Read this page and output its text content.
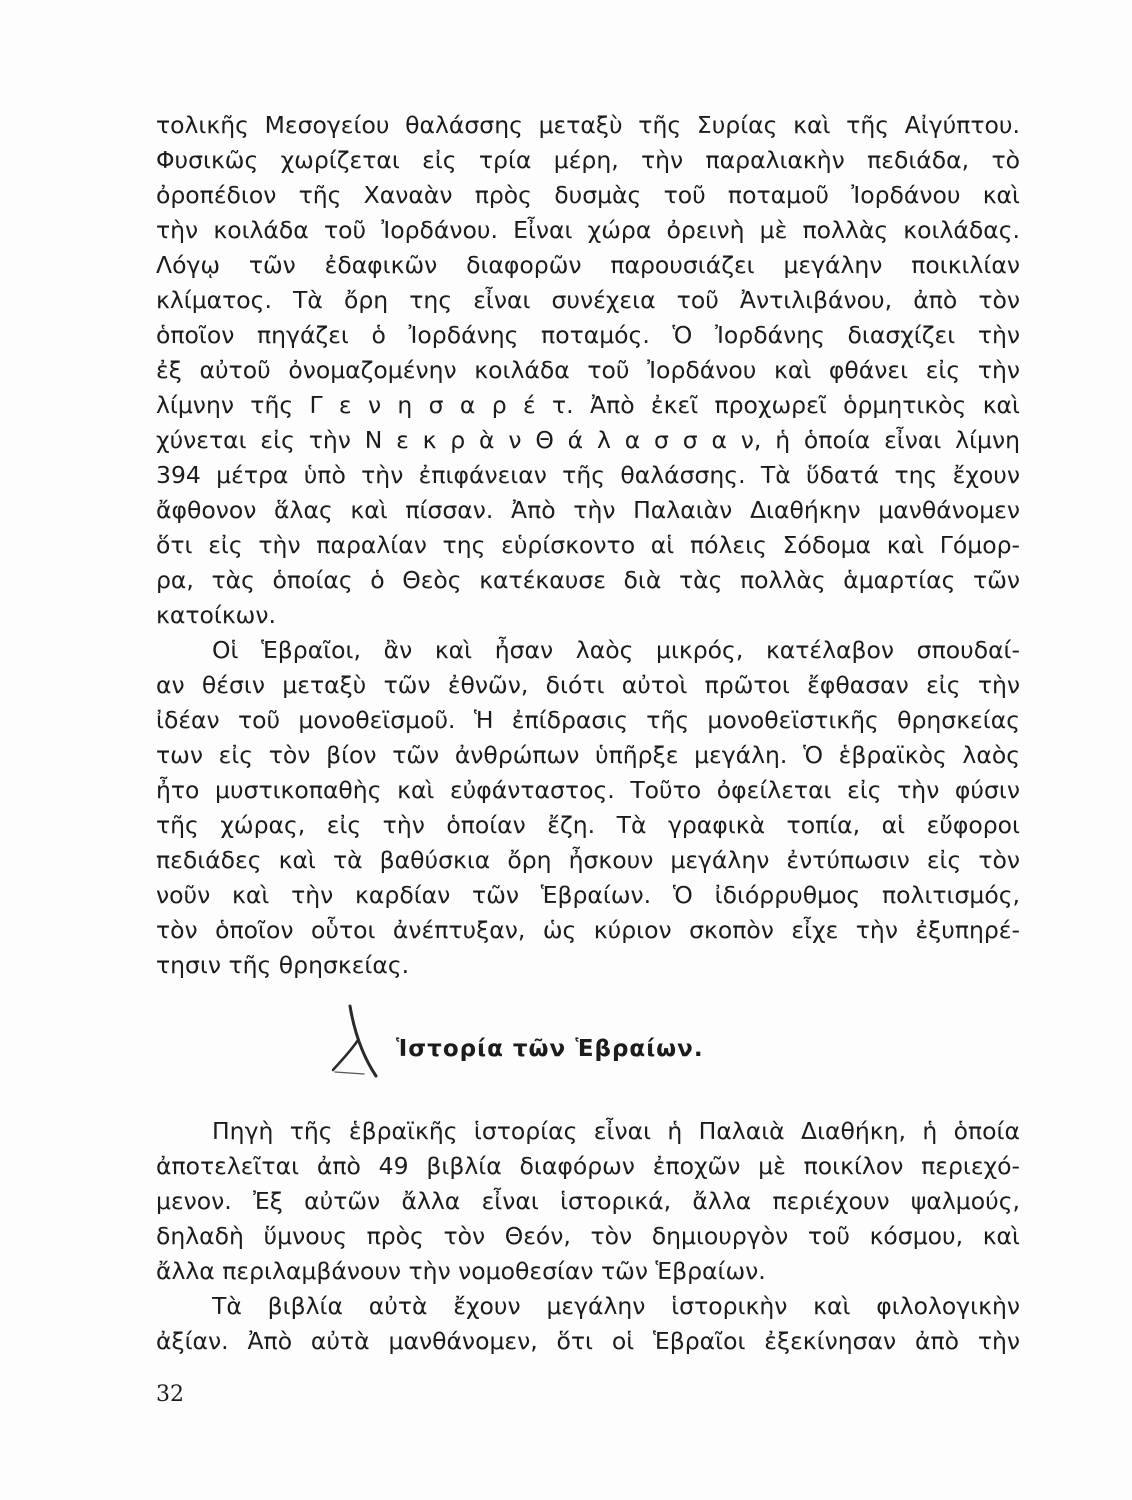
τολικῆς Μεσογείου θαλάσσης μεταξὺ τῆς Συρίας καὶ τῆς Αἰγύπτου.
Φυσικῶς χωρίζεται εἰς τρία μέρη, τὴν παραλιακὴν πεδιάδα, τὸ
ὀροπέδιον τῆς Χαναὰν πρὸς δυσμὰς τοῦ ποταμοῦ Ἰορδάνου καὶ
τὴν κοιλάδα τοῦ Ἰορδάνου. Εἶναι χώρα ὀρεινὴ μὲ πολλὰς κοιλάδας.
Λόγῳ τῶν ἐδαφικῶν διαφορῶν παρουσιάζει μεγάλην ποικιλίαν
κλίματος. Τὰ ὄρη της εἶναι συνέχεια τοῦ Ἀντιλιβάνου, ἀπὸ τὸν
ὁποῖον πηγάζει ὁ Ἰορδάνης ποταμός. Ὁ Ἰορδάνης διασχίζει τὴν
ἐξ αὐτοῦ ὀνομαζομένην κοιλάδα τοῦ Ἰορδάνου καὶ φθάνει εἰς τὴν
λίμνην τῆς Γ ε ν η σ α ρ έ τ. Ἀπὸ ἐκεῖ προχωρεῖ ὁρμητικὸς καὶ
χύνεται εἰς τὴν Ν ε κ ρ ὰ ν Θ ά λ α σ σ α ν, ἡ ὁποία εἶναι λίμνη
394 μέτρα ὑπὸ τὴν ἐπιφάνειαν τῆς θαλάσσης. Τὰ ὕδατά της ἔχουν
ἄφθονον ἅλας καὶ πίσσαν. Ἀπὸ τὴν Παλαιὰν Διαθήκην μανθάνομεν
ὅτι εἰς τὴν παραλίαν της εὑρίσκοντο αἱ πόλεις Σόδομα καὶ Γόμορ-
ρα, τὰς ὁποίας ὁ Θεὸς κατέκαυσε διὰ τὰς πολλὰς ἁμαρτίας τῶν
κατοίκων.
Οἱ Ἑβραῖοι, ἂν καὶ ἦσαν λαὸς μικρός, κατέλαβον σπουδαί-
αν θέσιν μεταξὺ τῶν ἐθνῶν, διότι αὐτοὶ πρῶτοι ἔφθασαν εἰς τὴν
ἰδέαν τοῦ μονοθεϊσμοῦ. Ἡ ἐπίδρασις τῆς μονοθεϊστικῆς θρησκείας
των εἰς τὸν βίον τῶν ἀνθρώπων ὑπῆρξε μεγάλη. Ὁ ἑβραϊκὸς λαὸς
ἦτο μυστικοπαθὴς καὶ εὐφάνταστος. Τοῦτο ὀφείλεται εἰς τὴν φύσιν
τῆς χώρας, εἰς τὴν ὁποίαν ἔζη. Τὰ γραφικὰ τοπία, αἱ εὔφοροι
πεδιάδες καὶ τὰ βαθύσκια ὄρη ἦσκουν μεγάλην ἐντύπωσιν εἰς τὸν
νοῦν καὶ τὴν καρδίαν τῶν Ἑβραίων. Ὁ ἰδιόρρυθμος πολιτισμός,
τὸν ὁποῖον οὗτοι ἀνέπτυξαν, ὡς κύριον σκοπὸν εἶχε τὴν ἐξυπηρέ-
τησιν τῆς θρησκείας.
Ἱστορία τῶν Ἑβραίων.
Πηγὴ τῆς ἑβραϊκῆς ἱστορίας εἶναι ἡ Παλαιὰ Διαθήκη, ἡ ὁποία
ἀποτελεῖται ἀπὸ 49 βιβλία διαφόρων ἐποχῶν μὲ ποικίλον περιεχό-
μενον. Ἐξ αὐτῶν ἄλλα εἶναι ἱστορικά, ἄλλα περιέχουν ψαλμούς,
δηλαδὴ ὕμνους πρὸς τὸν Θεόν, τὸν δημιουργὸν τοῦ κόσμου, καὶ
ἄλλα περιλαμβάνουν τὴν νομοθεσίαν τῶν Ἑβραίων.
Τὰ βιβλία αὐτὰ ἔχουν μεγάλην ἱστορικὴν καὶ φιλολογικὴν
ἀξίαν. Ἀπὸ αὐτὰ μανθάνομεν, ὅτι οἱ Ἑβραῖοι ἐξεκίνησαν ἀπὸ τὴν
32
